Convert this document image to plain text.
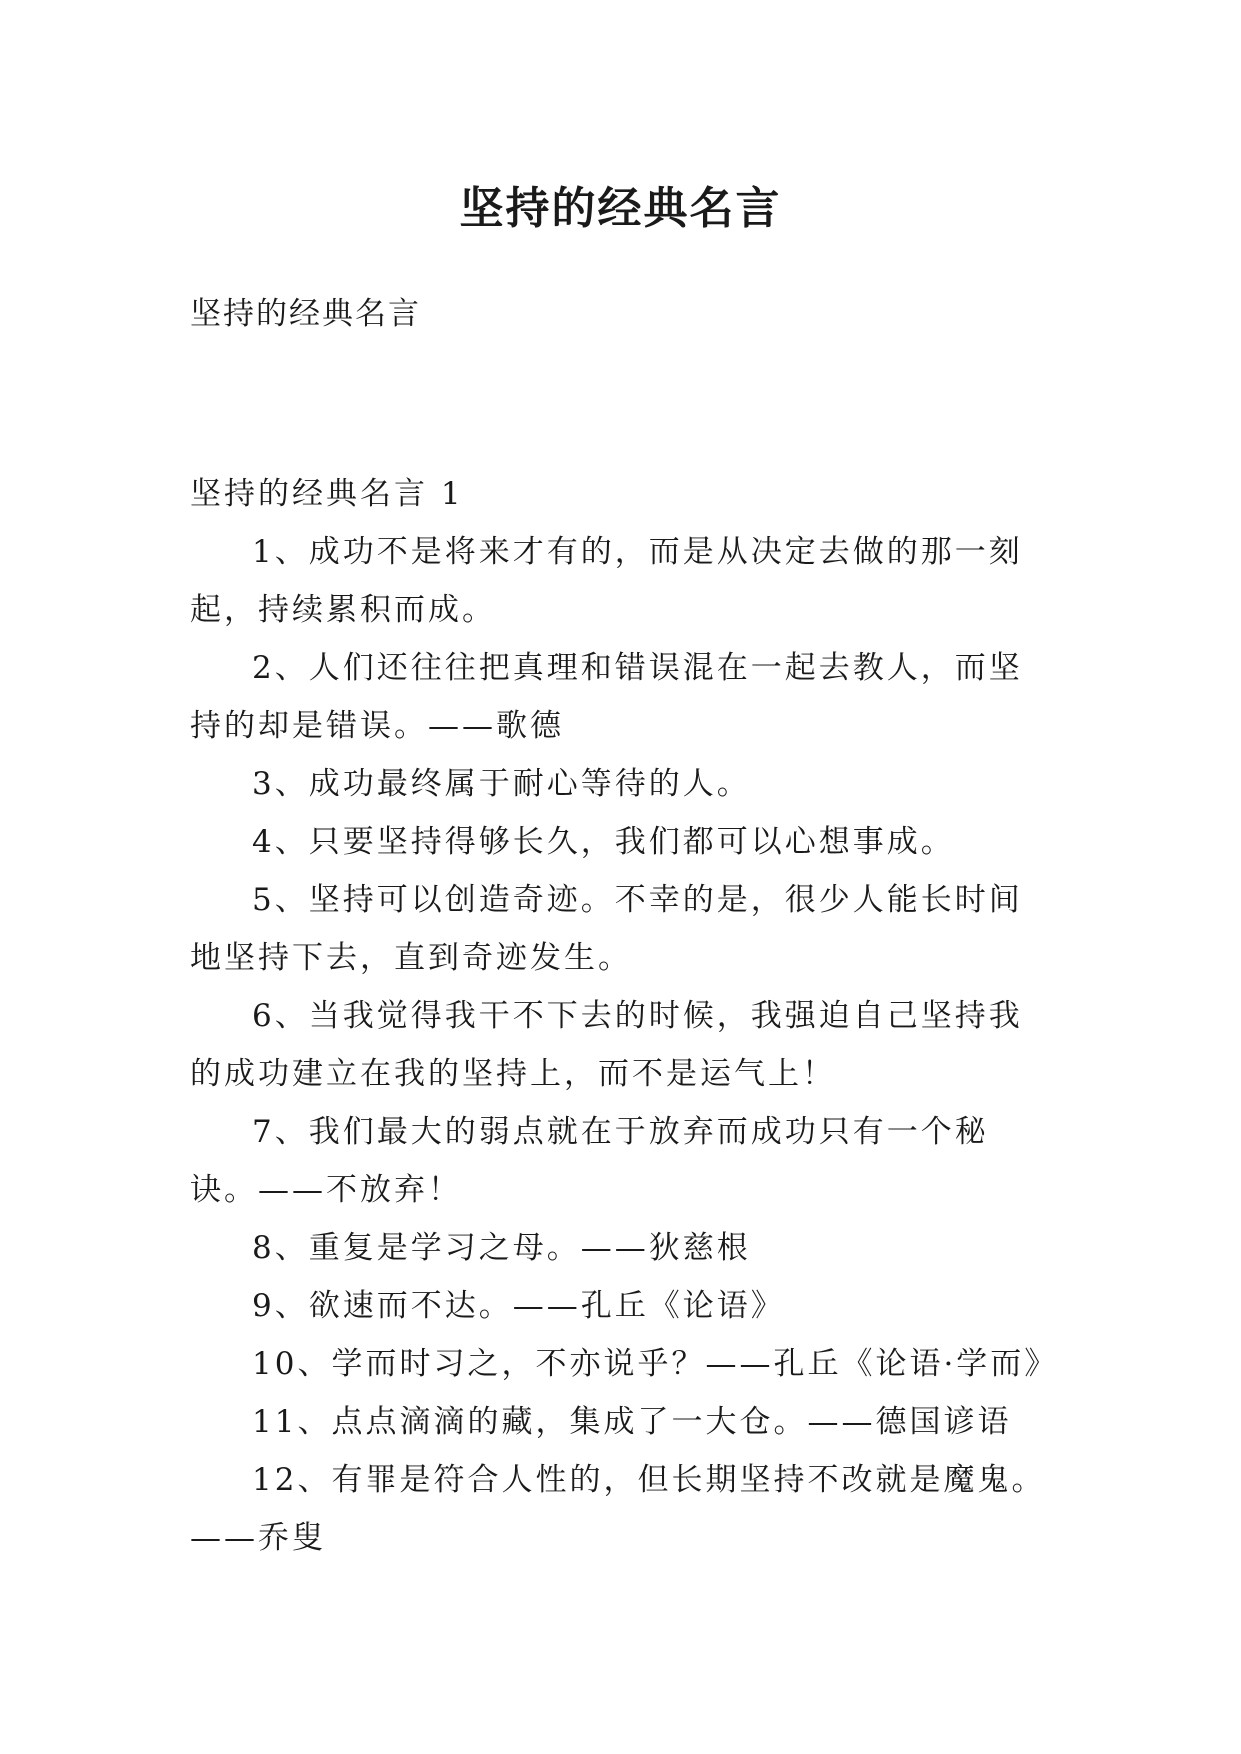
坚持的经典名言
坚持的经典名言
坚持的经典名言 1
1、成功不是将来才有的，而是从决定去做的那一刻起，持续累积而成。
2、人们还往往把真理和错误混在一起去教人，而坚持的却是错误。——歌德
3、成功最终属于耐心等待的人。
4、只要坚持得够长久，我们都可以心想事成。
5、坚持可以创造奇迹。不幸的是，很少人能长时间地坚持下去，直到奇迹发生。
6、当我觉得我干不下去的时候，我强迫自己坚持我的成功建立在我的坚持上，而不是运气上！
7、我们最大的弱点就在于放弃而成功只有一个秘诀。——不放弃！
8、重复是学习之母。——狄慈根
9、欲速而不达。——孔丘《论语》
10、学而时习之，不亦说乎？——孔丘《论语·学而》
11、点点滴滴的藏，集成了一大仓。——德国谚语
12、有罪是符合人性的，但长期坚持不改就是魔鬼。——乔叟
